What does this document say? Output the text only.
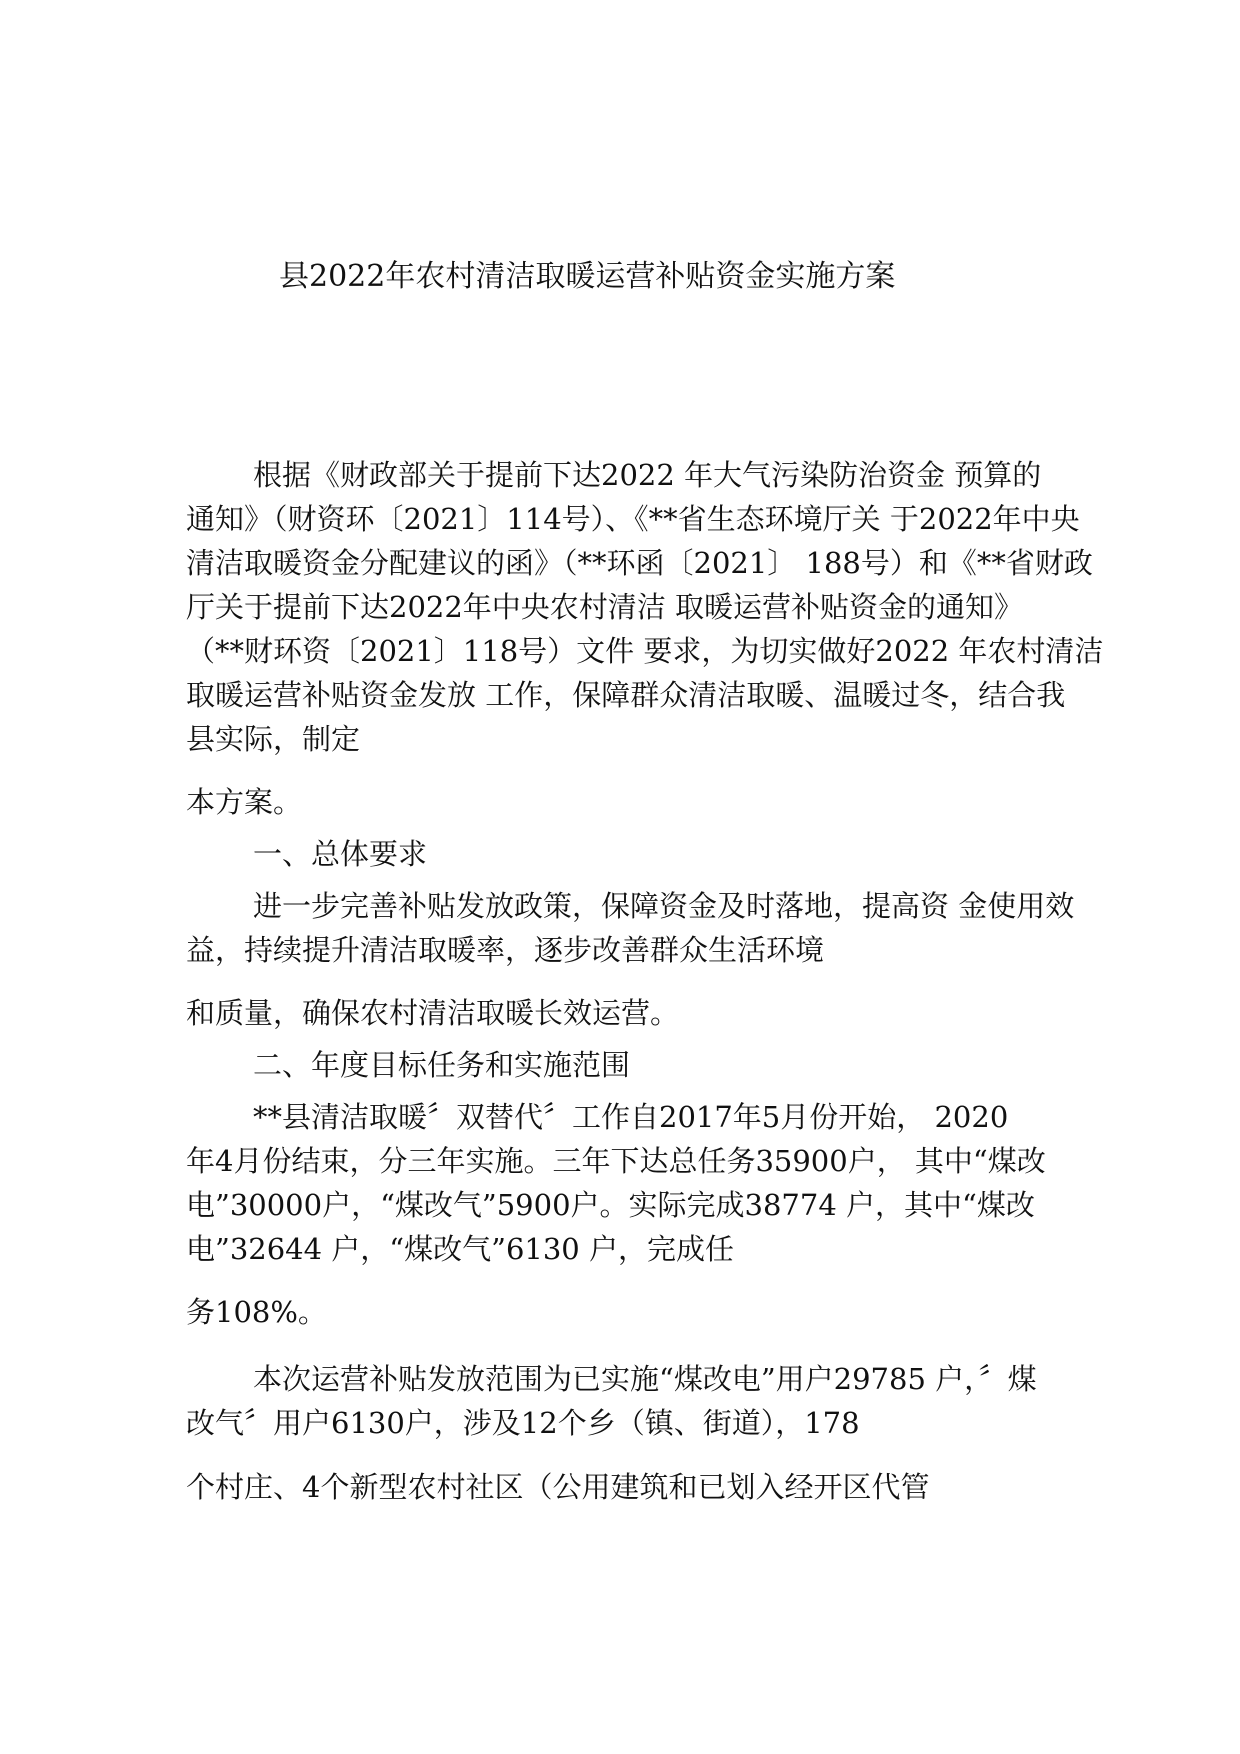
县2022年农村清洁取暖运营补贴资金实施方案
根据《财政部关于提前下达2022 年大气污染防治资金 预算的
通知》（财资环〔2021〕114号）、《**省生态环境厅关 于2022年中央
清洁取暖资金分配建议的函》（**环函〔2021〕 188号）和《**省财政
厅关于提前下达2022年中央农村清洁 取暖运营补贴资金的通知》
（**财环资〔2021〕118号）文件 要求，为切实做好2022 年农村清洁
取暖运营补贴资金发放 工作，保障群众清洁取暖、温暖过冬，结合我
县实际，制定
本方案。
一、总体要求
进一步完善补贴发放政策，保障资金及时落地，提高资 金使用效
益，持续提升清洁取暖率，逐步改善群众生活环境
和质量，确保农村清洁取暖长效运营。
二、年度目标任务和实施范围
**县清洁取暖〞双替代〞工作自2017年5月份开始， 2020
年4月份结束，分三年实施。三年下达总任务35900户， 其中“煤改
电”30000户，“煤改气”5900户。实际完成38774 户，其中“煤改
电”32644 户，“煤改气”6130 户，完成任
务108%。
本次运营补贴发放范围为已实施“煤改电”用户29785 户，〞煤
改气〞用户6130户，涉及12个乡（镇、街道），178
个村庄、4个新型农村社区（公用建筑和已划入经开区代管
